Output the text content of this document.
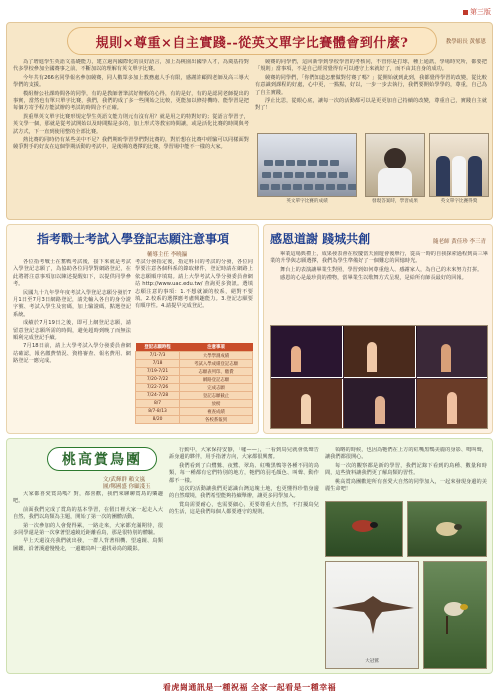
第三版
規則×尊重×自主實踐--從英文單字比賽體會到什麼?	教學組長 黃郁恩

為了增進學生英語文基礎能力，建立過內國際化的良好語言，加上為桃園出國學人才，為奠基持對代多學校參加全國賽事之前，不斷加以的理解有英文單字比賽。

今年共有266名同學報名參加競賽，同人數眾多加上教務處人手有限，感謝許顧問老師及高三導大學們的支援。

模組辦公社課時間各的同學，有的是教師著筆試好辦般的心得，有的是好，有的是認同老師提出的事實，當然也有單只單字比賽，我們，我們的成了多一些開始之比較，更能加以修持機時、能學習是把每個方寄予程方能試辦的考試的時間合不正確。

異重單英文單字比賽形規定學生英語文能力則元有沒有用？就是用之的特對好的；從語言學習子，英文學一個，那就是從考試開始以及時間點是多的，加上形式等教室時間讓，或是活化比賽的時間與考試方式，下一直到使用整的全部比賽。

熱比賽的同時仍有某些美中不足？我們期盼學習學們對比賽的，對於想在比賽中經驗可以同樣面對競爭對手的好友在這個學期活動的考試中，是後期的選擇的比賽，學習場中能不一樣的大家。

競賽的同學們，這回新學到學校學習的考核同，不管你是打球，種上通訊，學場時究所，都要把「規則」當事項，不是自己經常覺得有可以遵守上來就好了，而不由其自身的成功。

競賽的同學們，「你們知道怎麼做對付賽了嗎？」從開始就到此到，我都覺得學習的改變，從比較有意識到課程的好處，心中更，一點點，好以，一步一步去執行，我們要開始學學的，尊重，自己為了自主實踐。

浮止比思，從眼心底，讓每一次的活動都可以是更更加自己持續的改變，尊重自己，實踐自主就對了！

英文單字比賽的成績	發現答案時，學習成果	英文單字比賽得獎
指考戰士考試入學登記志願注意事項
輔導主任 李曉瀛

各位指考戰士在奮戰考試後，接下來就是考試入學登記志願了，為協助各位同學對網路登記，在此將將注意事項加以陳述提醒如下，以提供同學參考。

民國九十九年學年度考試入學登記志願分發於7月1日至7月3日網路登記，請先輸入各自的身分證字號、考試入學生及密碼，加上驗證碼，點選登記系統。

成績於7月19日之後，即可上網登記志願，請留意登記志願所需的時間，避免超時到晚了而無法順利完成登記手續。

7月18日前，請上大學考試入學分發委員會網站確認，報名繳費情況、資格審查、報名費用、網路登記一應完成。

考試分發指定後，指定科目的考試的分發，各位同學要注意各個科系的錄取條件，登記時請在網路上依志願順序填寫。請上大學考試入學分發委員會網站 http://www.uac.edu.tw/ 查詢更多資訊。選填志願注意的事項：1.不想就讀的校系，絕對不要填。2.校系的選擇應考慮興趣能力。3.登記志願要有順序性。4.請提早完成登記。
登記志願時程	注意事項
7/1-7/3	大學學測成績
7/18	考試入學成績登記志願
7/19-7/21	志願表列印、繳費
7/20-7/22	網路登記志願
7/22-7/26	完成志願
7/24-7/28	登記志願截止
8/7	放榜
8/7-8/13	複查成績
8/20	各校系報到
感恩道謝 踐城共創	隨老師 黃佳珍 李三青

畢業這場典禮上，成果發表會在校慶當天園遊會後舉行，從高一時的自我探索過程到高三畢業的升學與志願選擇，我們為學生準備好了一個難忘的回憶時光。

舞台上的表演讓畢業生對照，學習到如何尊重他人、感謝家人，為自己的未來努力打拼。

感恩的心是最珍貴的禮物，當畢業生以歌舞方式呈現，是給所有師長最好的回報。

桃高賞鳥團
文/武輝群 賴文嵐
圖/鄭國盛 你顧淺玉

大家都喜愛賞鳥嗎？對，都喜歡，我們來聊聊賞鳥的樂趣吧。

前面我們完成了賞鳥的基本學習，在假日裡大家一起走入大自然，我們以鳥類為主題，開始了第一次的團體活動。

第一次參加的人會覺得累，一路走來，大家都充滿期待，很多同學還是第一次拿著望遠鏡近距離看鳥，那是很特別的體驗。

早上天還沒亮我們就出發，一群人背著相機、望遠鏡、鳥類圖鑑，沿著溪邊慢慢走，一邊聽鳥叫一邊找尋鳥的蹤影。

行動中，大家保持安靜，「噓——」，一看到鳥兒就會低聲告訴身邊的夥伴，用手指著方向，大家都很興奮。

我們看到了白鷺鷥、夜鷺、翠鳥、紅嘴黑鵯等各種不同的鳥類，每一種都有它們特別的地方，牠們的羽毛顏色、叫聲、動作都不一樣。

這次的活動讓我們更認識台灣這塊土地，也更懂得珍惜身邊的自然環境，我們希望能夠持續舉辦，讓更多同學加入。

賞鳥需要耐心，也需要細心，更要尊重大自然，不打擾鳥兒的生活，這是我們每個人都要遵守的規則。

領略的時候，也因為牠們在上方的紅嘴黑鵯美麗的身影、鳴叫聲，讓我們都很開心。

每一次的觀察都是新的學習，我們記錄下看到的鳥種、數量和時間，這些資料讓我們更了解鳥類的習性。

桃高賞鳥團歡迎所有喜愛大自然的同學加入，一起來發現身邊的美麗生命吧！

大冠鷲
看虎崗通訊是一種祝福 全家一起看是一種幸福
